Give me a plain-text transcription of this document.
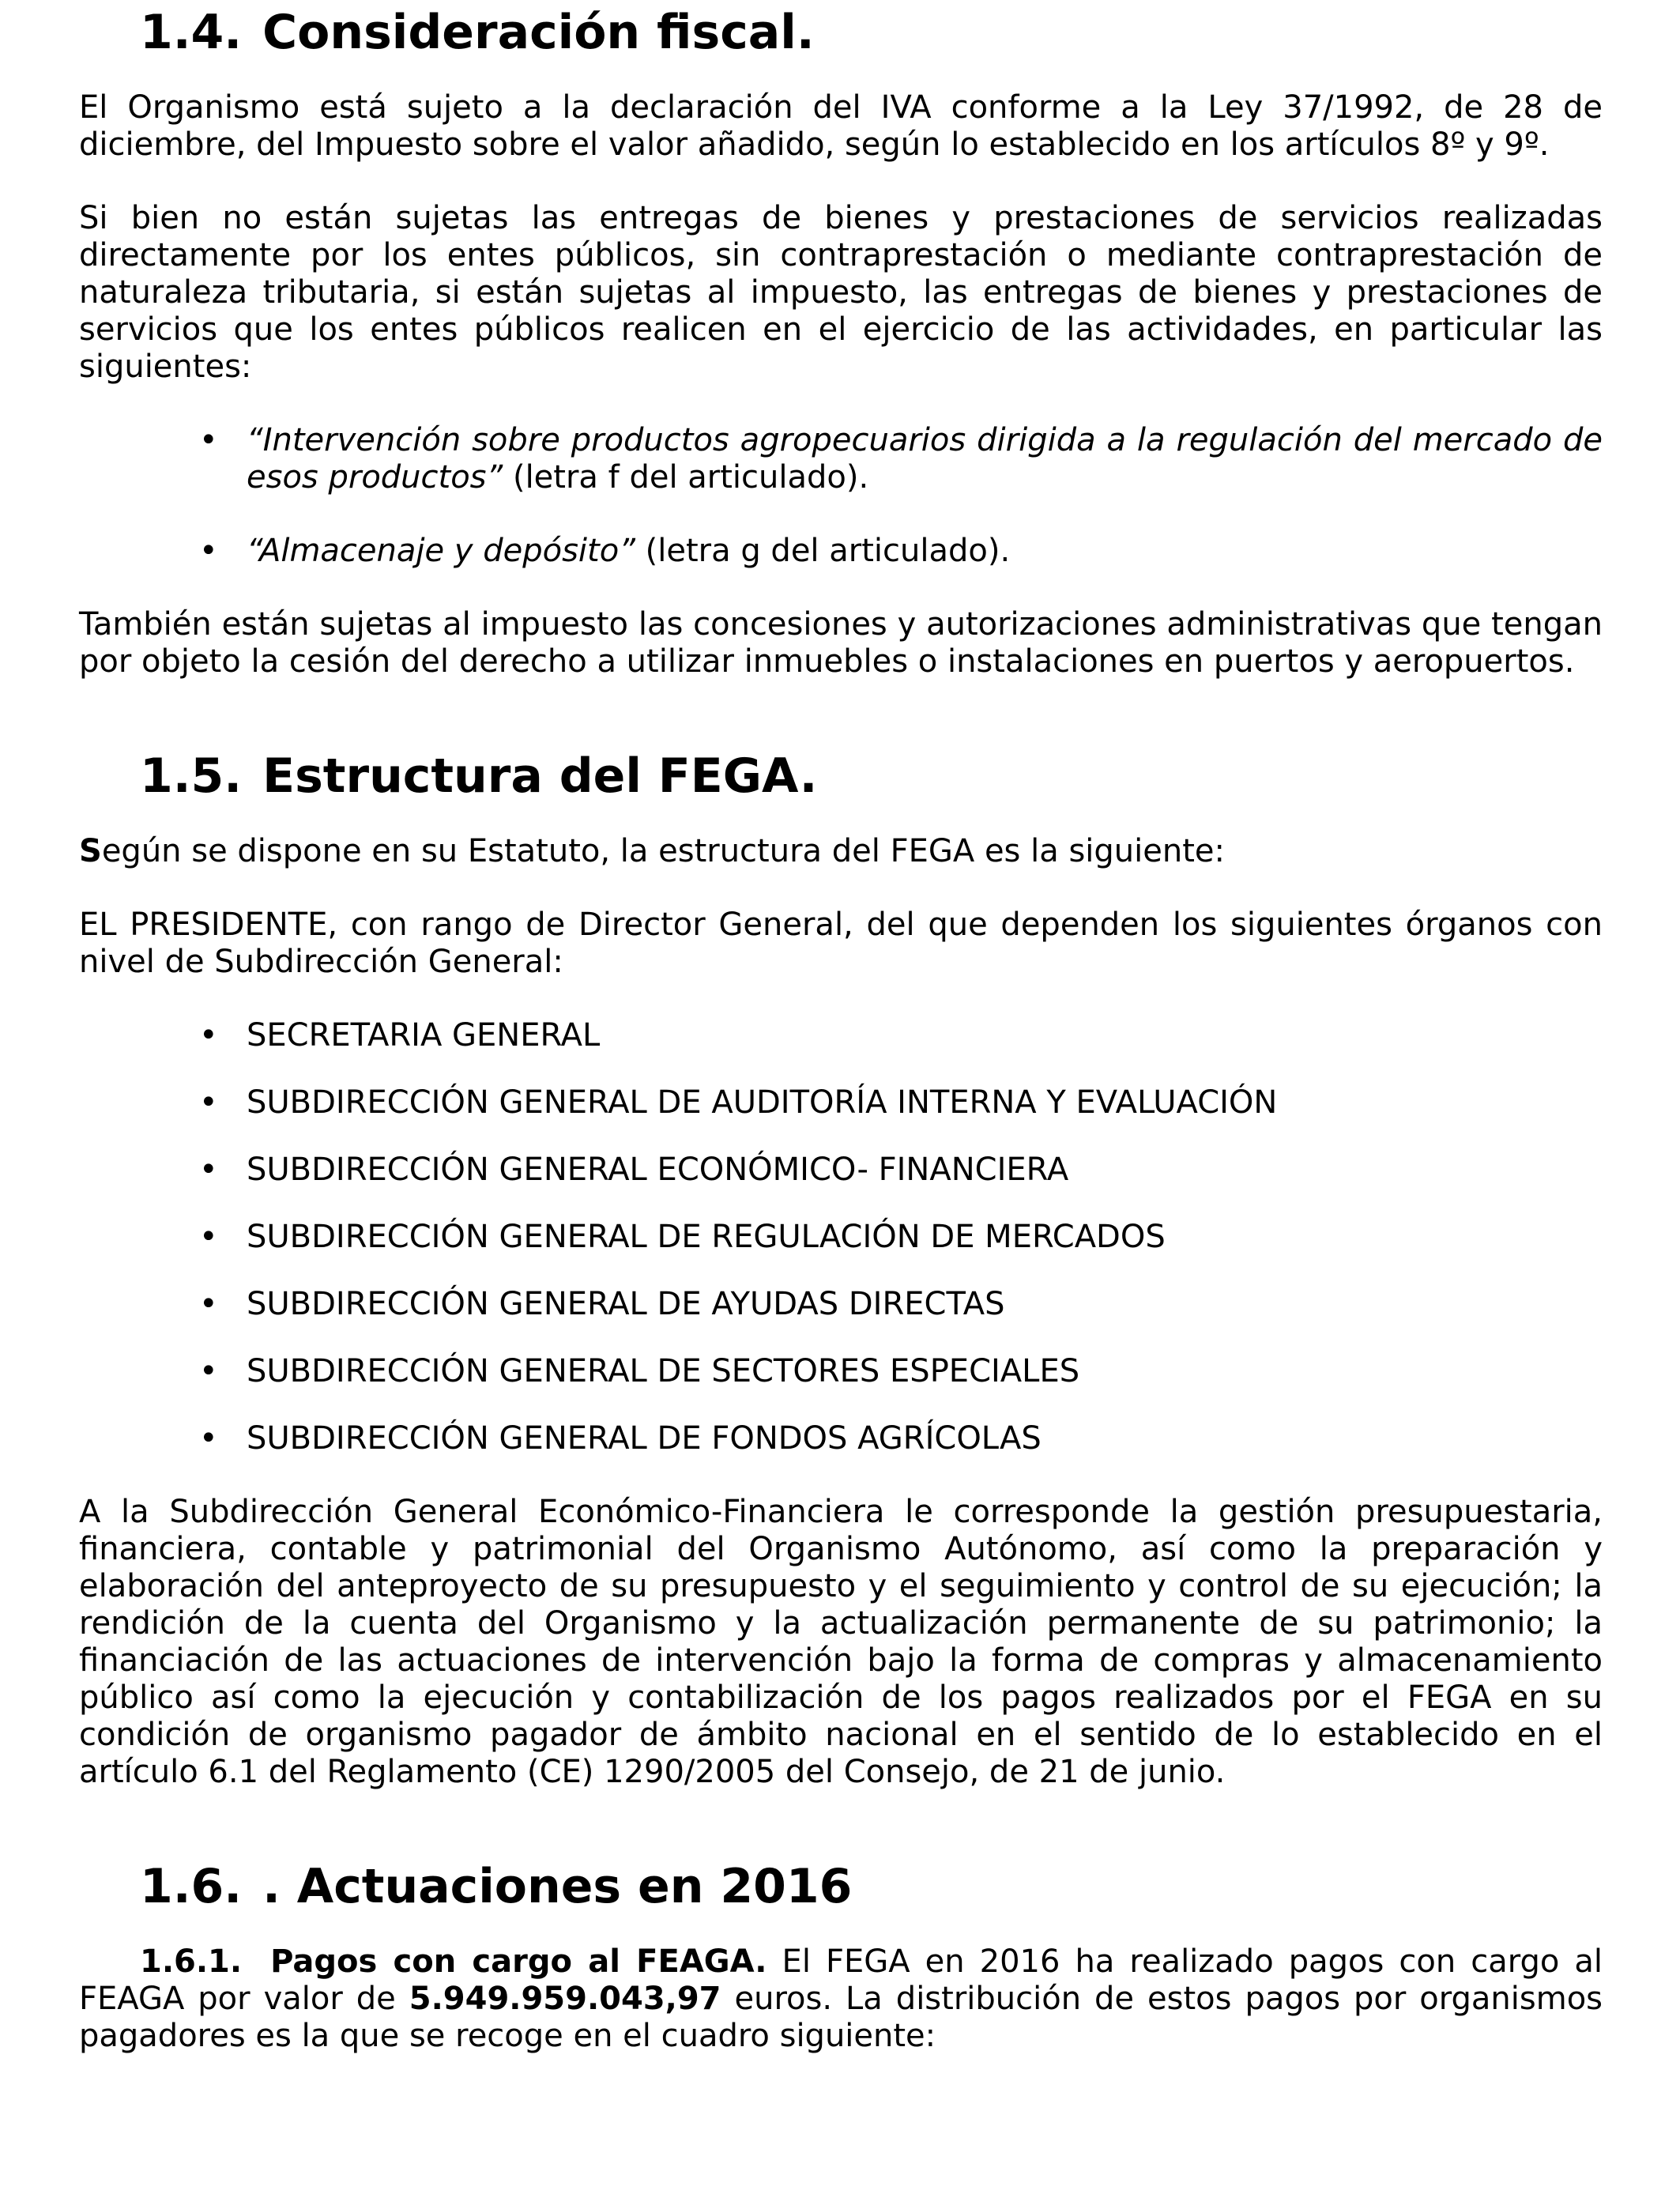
1.4. Consideración fiscal.

El Organismo está sujeto a la declaración del IVA conforme a la Ley 37/1992, de 28 de diciembre, del Impuesto sobre el valor añadido, según lo establecido en los artículos 8º y 9º.

Si bien no están sujetas las entregas de bienes y prestaciones de servicios realizadas directamente por los entes públicos, sin contraprestación o mediante contraprestación de naturaleza tributaria, si están sujetas al impuesto, las entregas de bienes y prestaciones de servicios que los entes públicos realicen en el ejercicio de las actividades, en particular las siguientes:

• “Intervención sobre productos agropecuarios dirigida a la regulación del mercado de esos productos” (letra f del articulado).
• “Almacenaje y depósito” (letra g del articulado).

También están sujetas al impuesto las concesiones y autorizaciones administrativas que tengan por objeto la cesión del derecho a utilizar inmuebles o instalaciones en puertos y aeropuertos.

1.5. Estructura del FEGA.

Según se dispone en su Estatuto, la estructura del FEGA es la siguiente:

EL PRESIDENTE, con rango de Director General, del que dependen los siguientes órganos con nivel de Subdirección General:

• SECRETARIA GENERAL
• SUBDIRECCIÓN GENERAL DE AUDITORÍA INTERNA Y EVALUACIÓN
• SUBDIRECCIÓN GENERAL ECONÓMICO- FINANCIERA
• SUBDIRECCIÓN GENERAL DE REGULACIÓN DE MERCADOS
• SUBDIRECCIÓN GENERAL DE AYUDAS DIRECTAS
• SUBDIRECCIÓN GENERAL DE SECTORES ESPECIALES
• SUBDIRECCIÓN GENERAL DE FONDOS AGRÍCOLAS

A la Subdirección General Económico-Financiera le corresponde la gestión presupuestaria, financiera, contable y patrimonial del Organismo Autónomo, así como la preparación y elaboración del anteproyecto de su presupuesto y el seguimiento y control de su ejecución; la rendición de la cuenta del Organismo y la actualización permanente de su patrimonio; la financiación de las actuaciones de intervención bajo la forma de compras y almacenamiento público así como la ejecución y contabilización de los pagos realizados por el FEGA en su condición de organismo pagador de ámbito nacional en el sentido de lo establecido en el artículo 6.1 del Reglamento (CE) 1290/2005 del Consejo, de 21 de junio.

1.6. . Actuaciones en 2016

1.6.1. Pagos con cargo al FEAGA. El FEGA en 2016 ha realizado pagos con cargo al FEAGA por valor de 5.949.959.043,97 euros. La distribución de estos pagos por organismos pagadores es la que se recoge en el cuadro siguiente:
